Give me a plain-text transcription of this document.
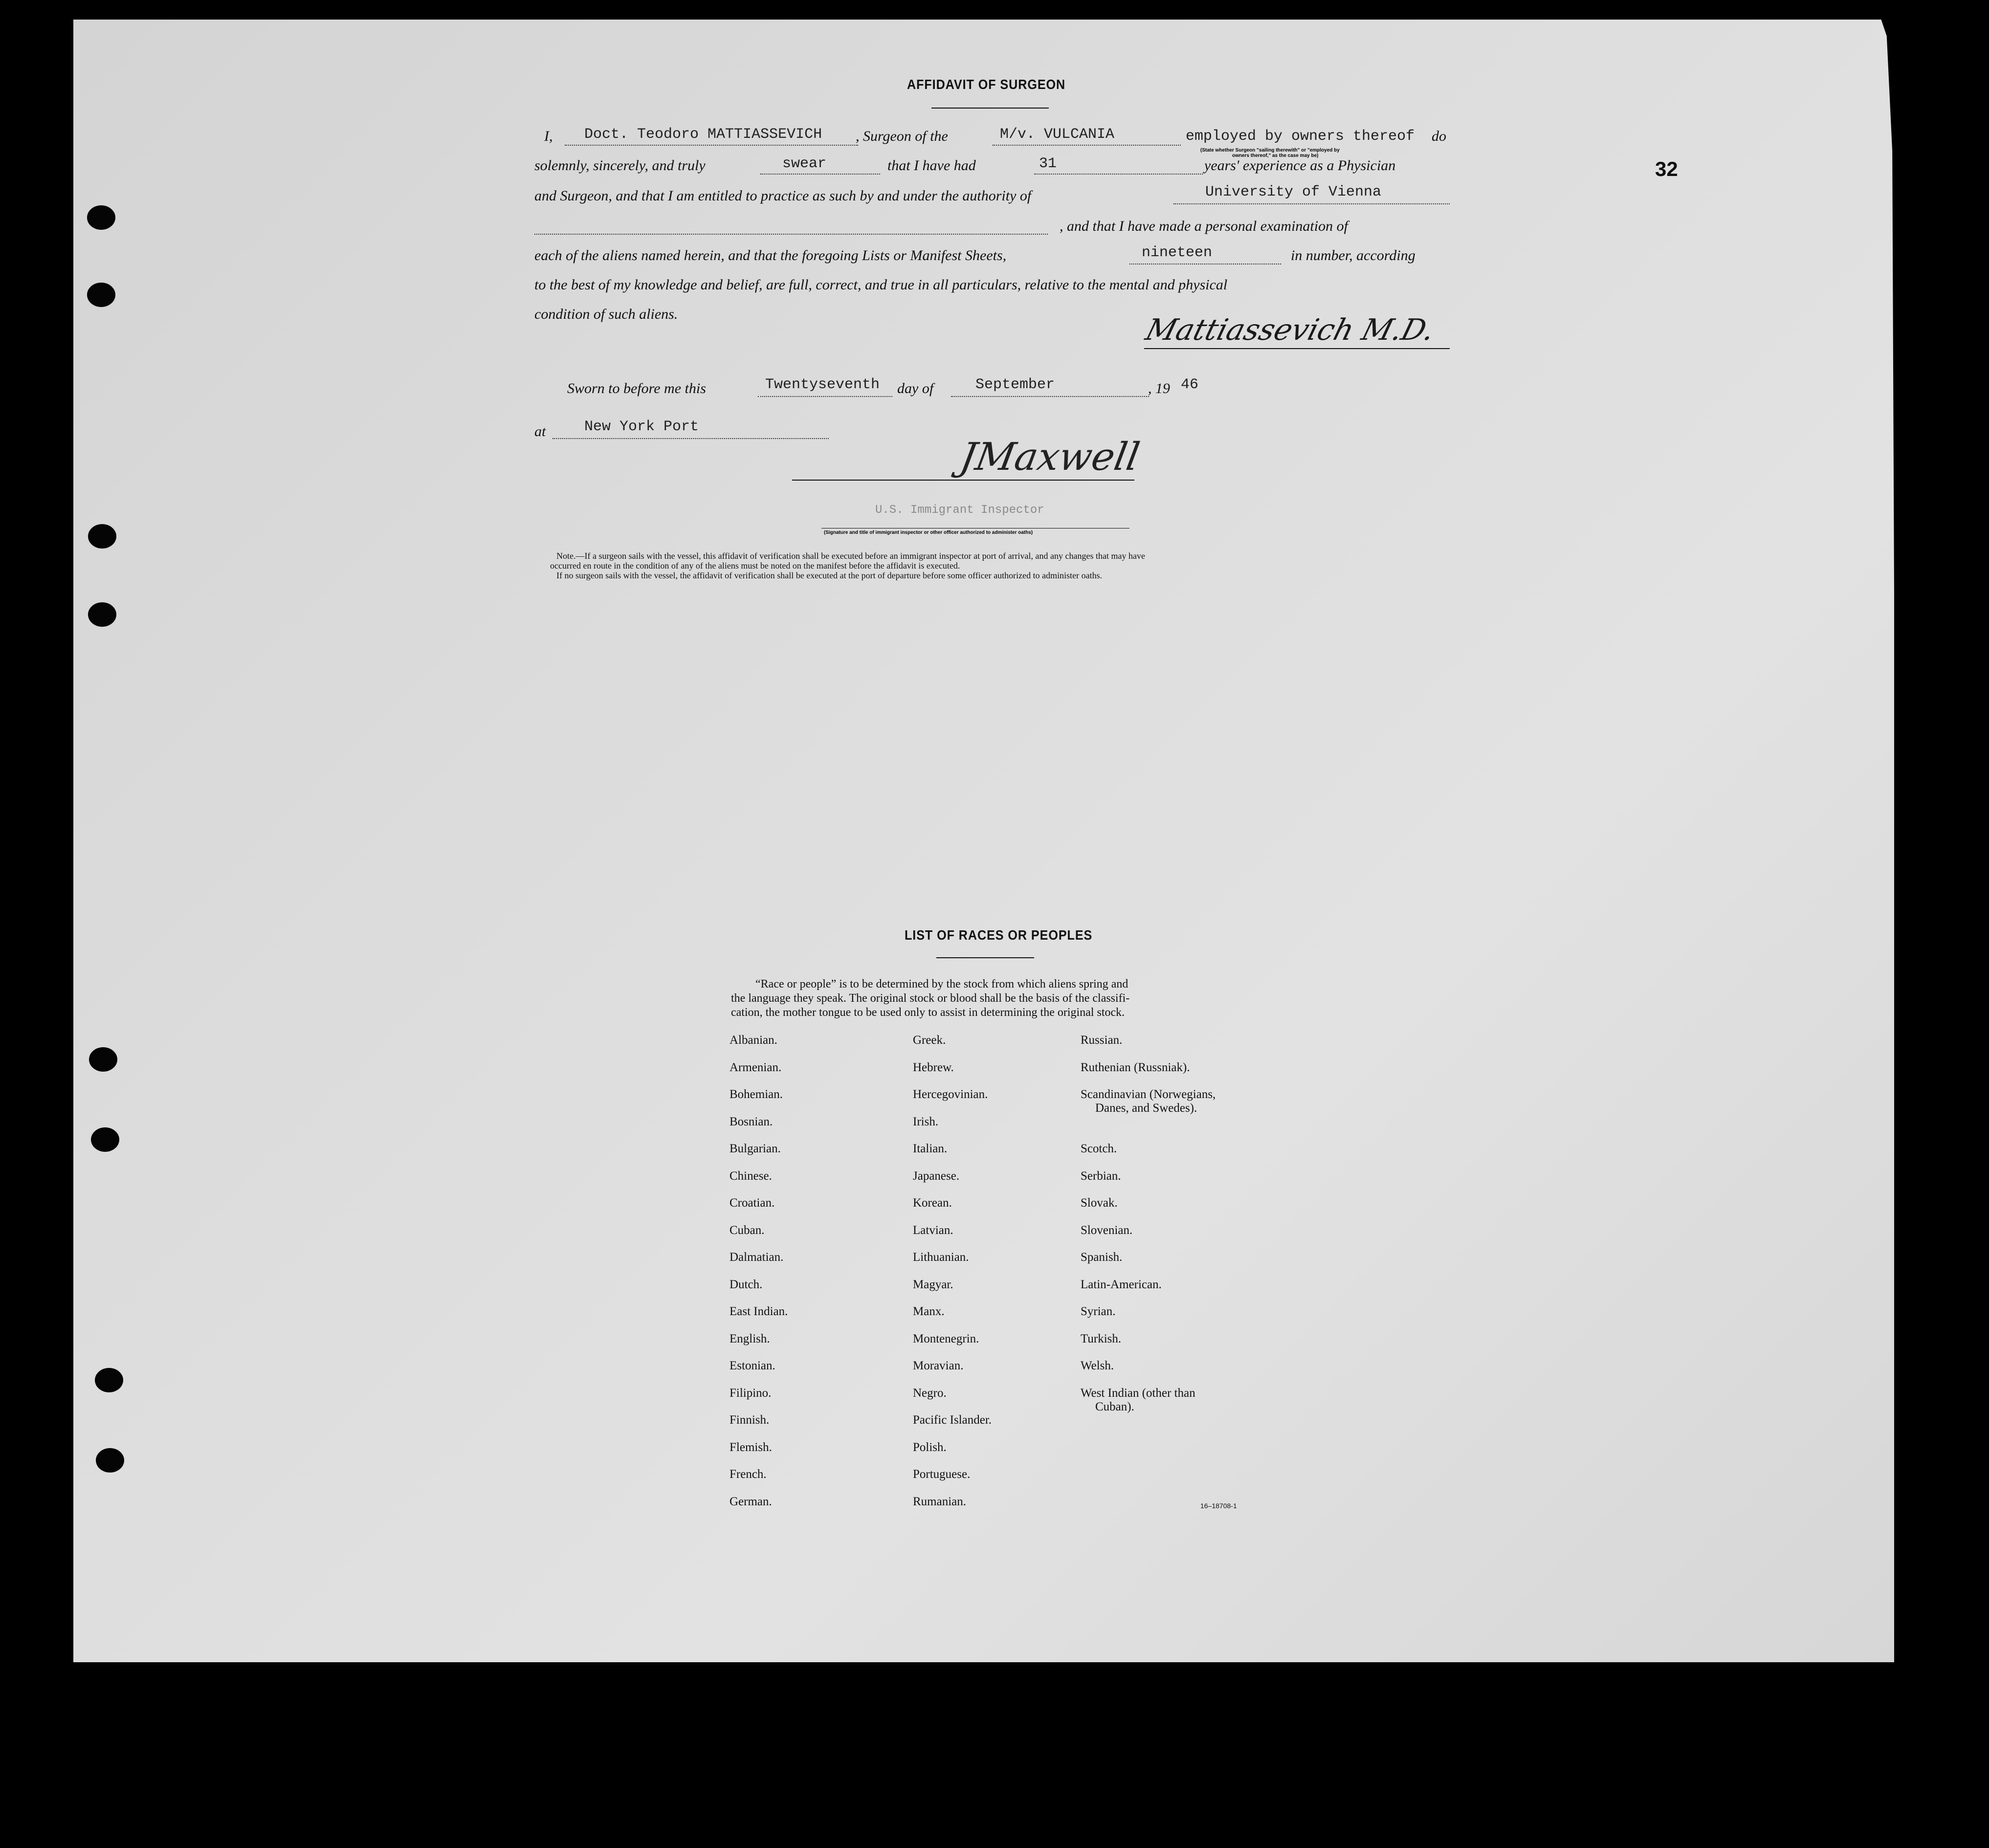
32
AFFIDAVIT OF SURGEON
I, Doct. Teodoro MATTIASSEVICH , Surgeon of the	M/v. VULCANIA	employed by owners thereof do
(State whether Surgeon "sailing therewith" or "employed by
owners thereof," as the case may be)
solemnly, sincerely, and truly	swear	that I have had	31	years' experience as a Physician
and Surgeon, and that I am entitled to practice as such by and under the authority of	University of Vienna
, and that I have made a personal examination of
each of the aliens named herein, and that the foregoing Lists or Manifest Sheets,	nineteen	in number, according
to the best of my knowledge and belief, are full, correct, and true in all particulars, relative to the mental and physical
condition of such aliens.	Mattiassevich M.D.
Sworn to before me this	Twentyseventh day of	September	, 19 46
at	New York Port
JMaxwell
U.S. Immigrant Inspector
(Signature and title of immigrant inspector or other officer authorized to administer oaths)
Note.—If a surgeon sails with the vessel, this affidavit of verification shall be executed before an immigrant inspector at port of arrival, and any changes that may have
occurred en route in the condition of any of the aliens must be noted on the manifest before the affidavit is executed.
If no surgeon sails with the vessel, the affidavit of verification shall be executed at the port of departure before some officer authorized to administer oaths.
LIST OF RACES OR PEOPLES
“Race or people” is to be determined by the stock from which aliens spring and
the language they speak. The original stock or blood shall be the basis of the classifi-
cation, the mother tongue to be used only to assist in determining the original stock.
Albanian.
Armenian.
Bohemian.
Bosnian.
Bulgarian.
Chinese.
Croatian.
Cuban.
Dalmatian.
Dutch.
East Indian.
English.
Estonian.
Filipino.
Finnish.
Flemish.
French.
German.
Greek.
Hebrew.
Hercegovinian.
Irish.
Italian.
Japanese.
Korean.
Latvian.
Lithuanian.
Magyar.
Manx.
Montenegrin.
Moravian.
Negro.
Pacific Islander.
Polish.
Portuguese.
Rumanian.
Russian.
Ruthenian (Russniak).
Scandinavian (Norwegians,
Danes, and Swedes).
Scotch.
Serbian.
Slovak.
Slovenian.
Spanish.
Latin-American.
Syrian.
Turkish.
Welsh.
West Indian (other than
Cuban).
16–18708-1
